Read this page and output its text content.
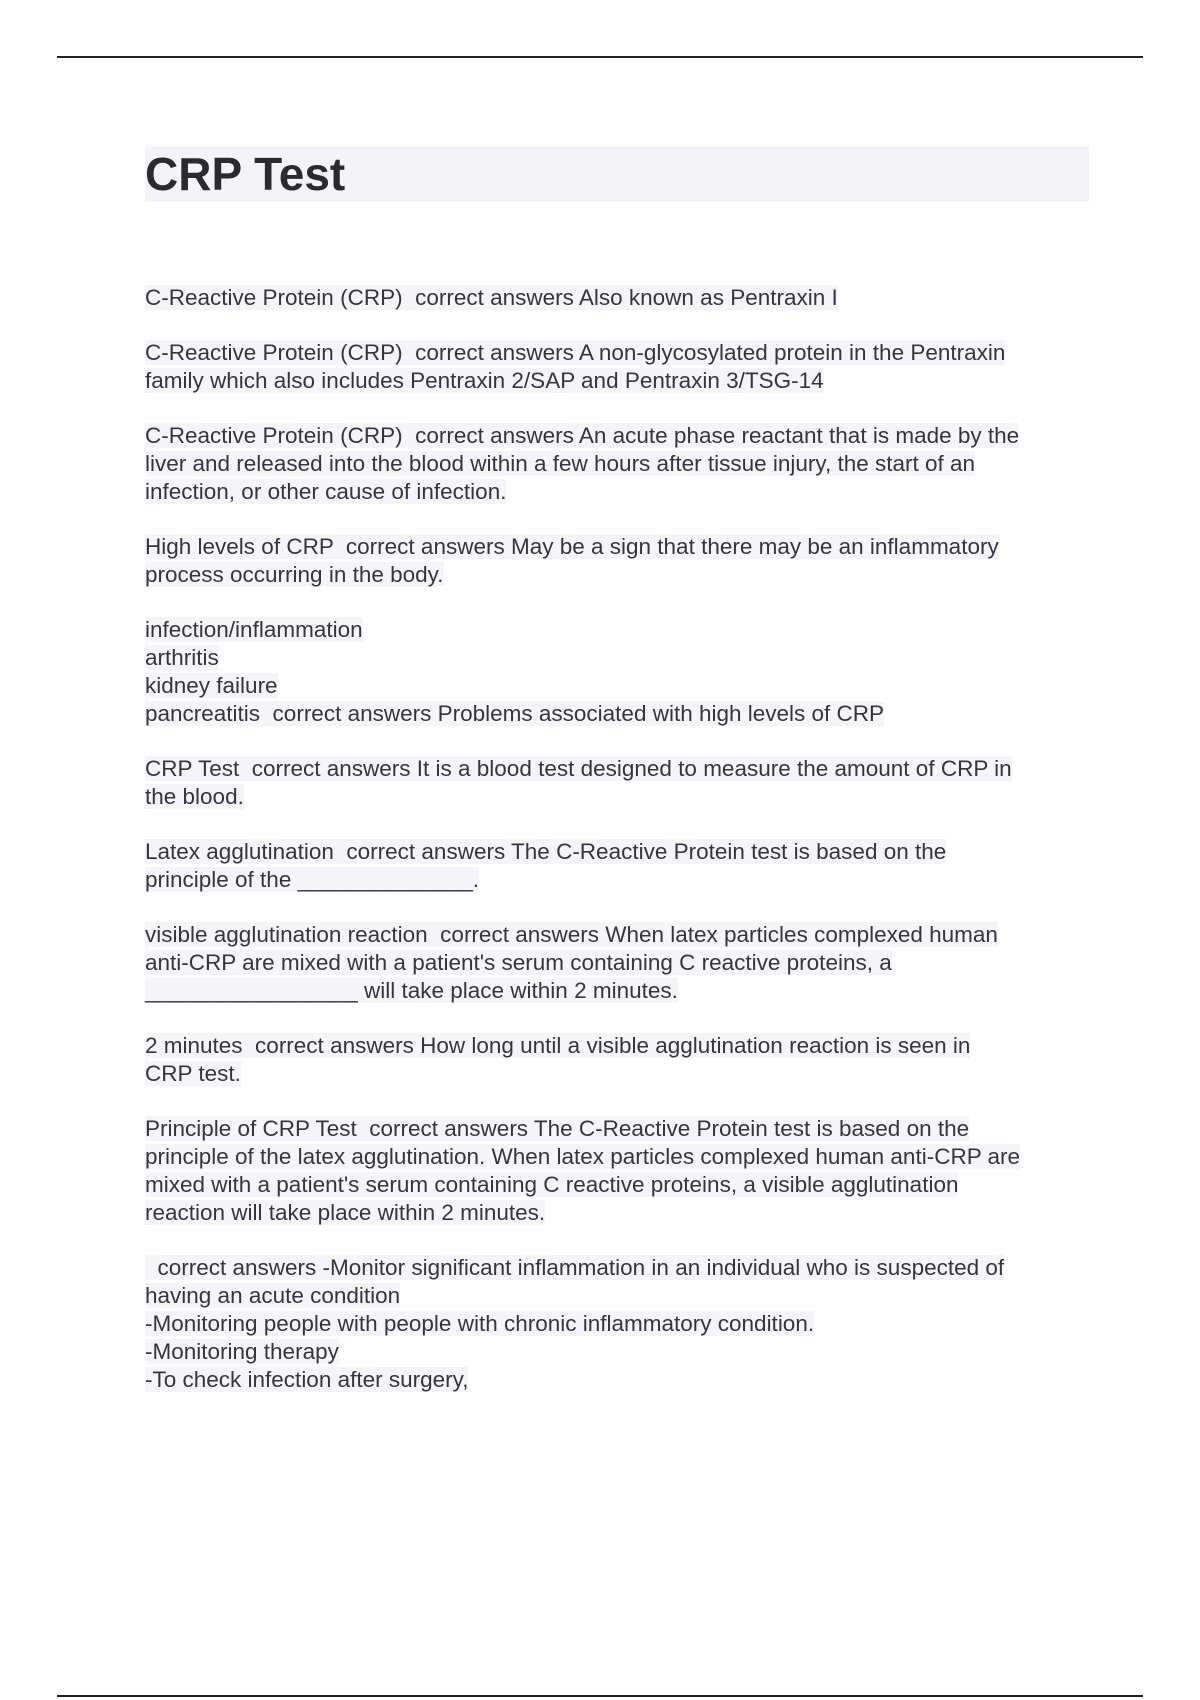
CRP Test

C-Reactive Protein (CRP)  correct answers Also known as Pentraxin I

C-Reactive Protein (CRP)  correct answers A non-glycosylated protein in the Pentraxin
family which also includes Pentraxin 2/SAP and Pentraxin 3/TSG-14

C-Reactive Protein (CRP)  correct answers An acute phase reactant that is made by the
liver and released into the blood within a few hours after tissue injury, the start of an
infection, or other cause of infection.

High levels of CRP  correct answers May be a sign that there may be an inflammatory
process occurring in the body.

infection/inflammation
arthritis
kidney failure
pancreatitis  correct answers Problems associated with high levels of CRP

CRP Test  correct answers It is a blood test designed to measure the amount of CRP in
the blood.

Latex agglutination  correct answers The C-Reactive Protein test is based on the
principle of the ______________.

visible agglutination reaction  correct answers When latex particles complexed human
anti-CRP are mixed with a patient's serum containing C reactive proteins, a
_________________ will take place within 2 minutes.

2 minutes  correct answers How long until a visible agglutination reaction is seen in
CRP test.

Principle of CRP Test  correct answers The C-Reactive Protein test is based on the
principle of the latex agglutination. When latex particles complexed human anti-CRP are
mixed with a patient's serum containing C reactive proteins, a visible agglutination
reaction will take place within 2 minutes.

correct answers -Monitor significant inflammation in an individual who is suspected of
having an acute condition
-Monitoring people with people with chronic inflammatory condition.
-Monitoring therapy
-To check infection after surgery,
